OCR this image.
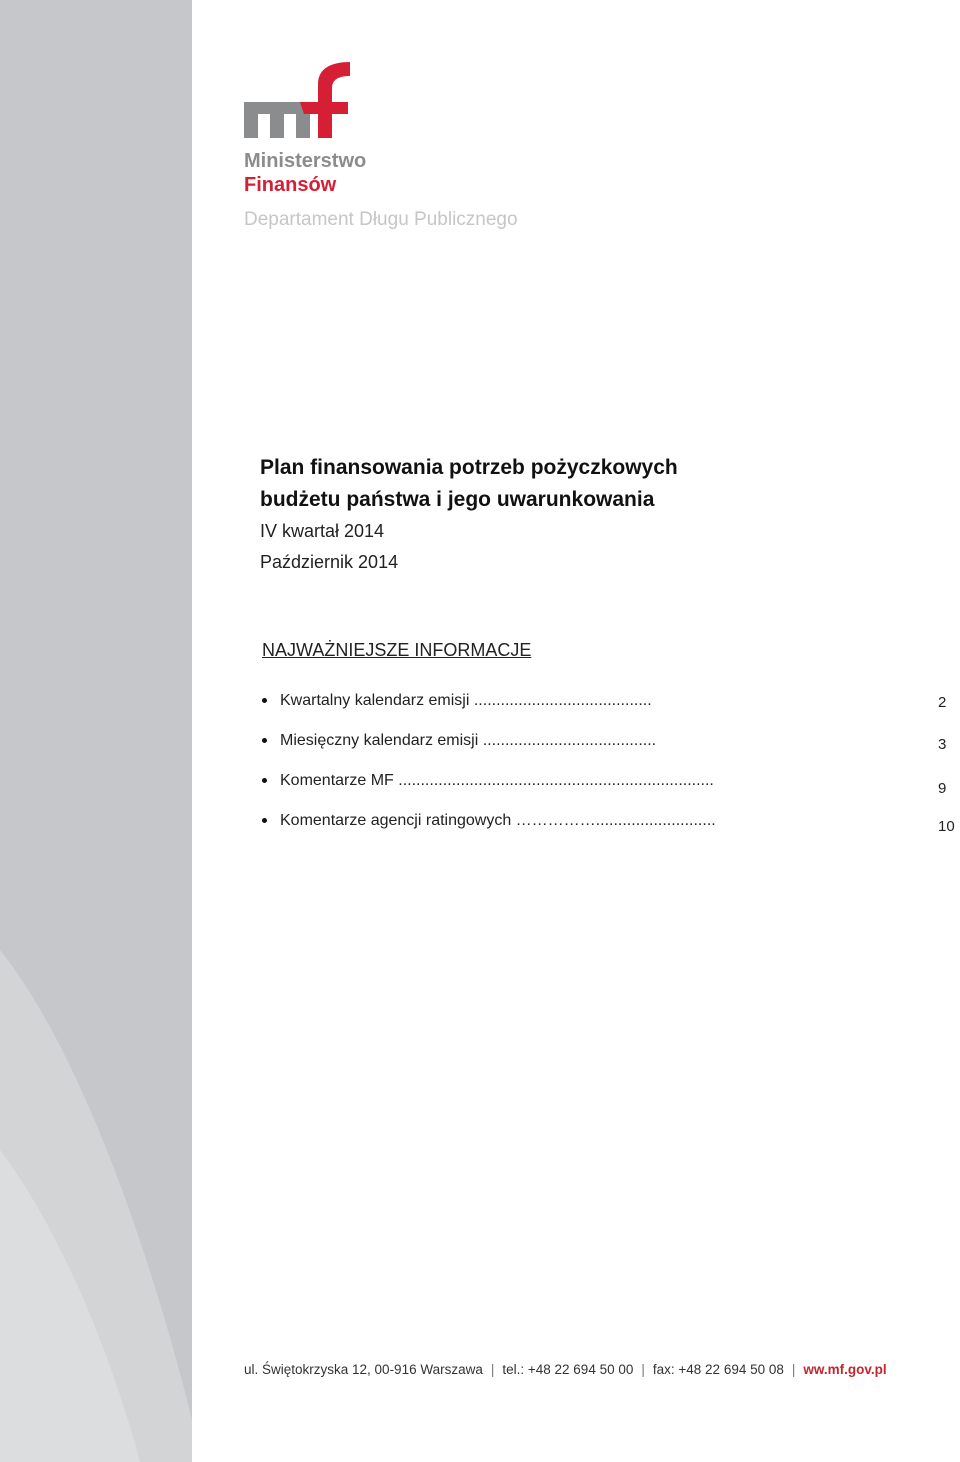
Ministerstwo
Finansów
Departament Długu Publicznego
Plan finansowania potrzeb pożyczkowych
budżetu państwa i jego uwarunkowania
IV kwartał 2014
Październik 2014
NAJWAŻNIEJSZE INFORMACJE
Kwartalny kalendarz emisji ........................................	2
Miesięczny kalendarz emisji .......................................	3
Komentarze MF .......................................................................	9
Komentarze agencji ratingowych ……………...........................	10
ul. Świętokrzyska 12, 00-916 Warszawa | tel.: +48 22 694 50 00 | fax: +48 22 694 50 08 | ww.mf.gov.pl
